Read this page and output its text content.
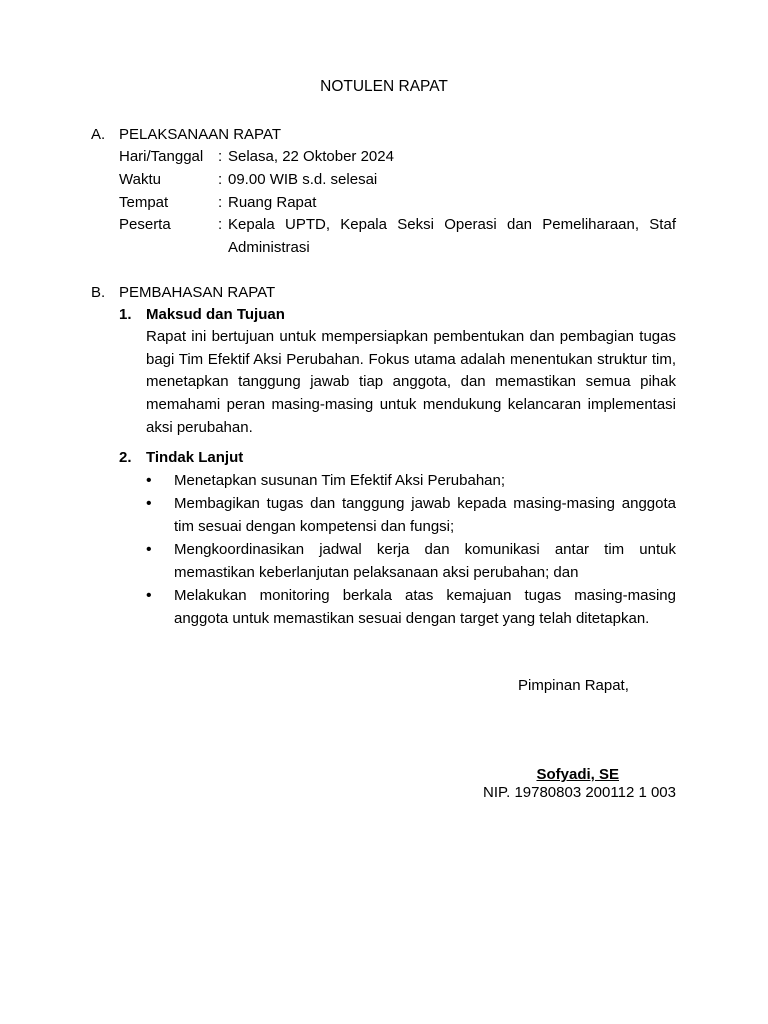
NOTULEN RAPAT
A. PELAKSANAAN RAPAT
Hari/Tanggal : Selasa, 22 Oktober 2024
Waktu	: 09.00 WIB s.d. selesai
Tempat	: Ruang Rapat
Peserta	: Kepala UPTD, Kepala Seksi Operasi dan Pemeliharaan, Staf Administrasi
B. PEMBAHASAN RAPAT
1. Maksud dan Tujuan
Rapat ini bertujuan untuk mempersiapkan pembentukan dan pembagian tugas bagi Tim Efektif Aksi Perubahan. Fokus utama adalah menentukan struktur tim, menetapkan tanggung jawab tiap anggota, dan memastikan semua pihak memahami peran masing-masing untuk mendukung kelancaran implementasi aksi perubahan.
2. Tindak Lanjut
• Menetapkan susunan Tim Efektif Aksi Perubahan;
• Membagikan tugas dan tanggung jawab kepada masing-masing anggota tim sesuai dengan kompetensi dan fungsi;
• Mengkoordinasikan jadwal kerja dan komunikasi antar tim untuk memastikan keberlanjutan pelaksanaan aksi perubahan; dan
• Melakukan monitoring berkala atas kemajuan tugas masing-masing anggota untuk memastikan sesuai dengan target yang telah ditetapkan.
Pimpinan Rapat,
Sofyadi, SE
NIP. 19780803 200112 1 003
